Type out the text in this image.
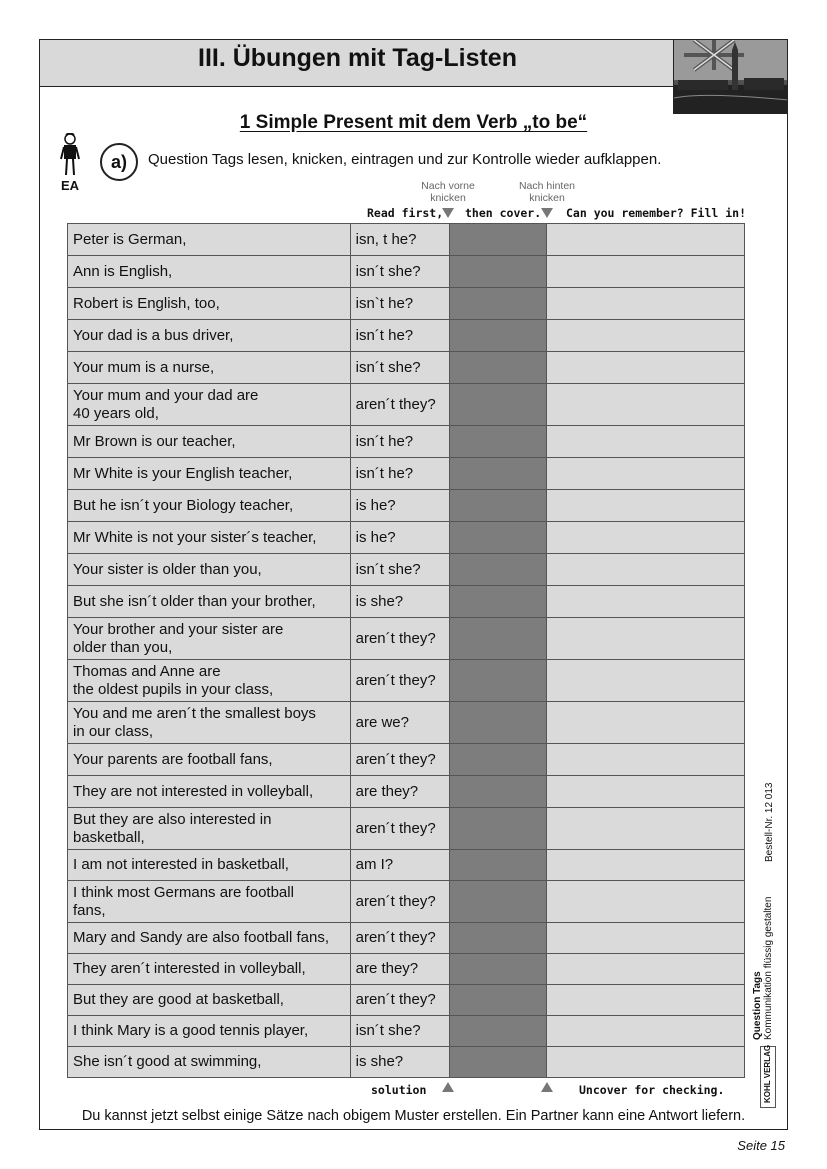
III. Übungen mit Tag-Listen
1 Simple Present mit dem Verb „to be“
EA
a)	Question Tags lesen, knicken, eintragen und zur Kontrolle wieder aufklappen.
Nach vorne
knicken
Nach hinten
knicken
Read first, then cover. Can you remember? Fill in!
Peter is German,	isn, t he?		
Ann is English,	isn´t she?		
Robert is English, too,	isn`t he?		
Your dad is a bus driver,	isn´t he?		
Your mum is a nurse,	isn´t she?		
Your mum and your dad are
40 years old,	aren´t they?		
Mr Brown is our teacher,	isn´t he?		
Mr White is your English teacher,	isn´t he?		
But he isn´t your Biology teacher,	is he?		
Mr White is not your sister´s teacher,	is he?		
Your sister is older than you,	isn´t she?		
But she isn´t older than your brother,	is she?		
Your brother and your sister are
older than you,	aren´t they?		
Thomas and Anne are
the oldest pupils in your class,	aren´t they?		
You and me aren´t the smallest boys
in our class,	are we?		
Your parents are football fans,	aren´t they?		
They are not interested in volleyball,	are they?		
But they are also interested in
basketball,	aren´t they?		
I am not interested in basketball,	am I?		
I think most Germans are football
fans,	aren´t they?		
Mary and Sandy are also football fans,	aren´t they?		
They aren´t interested in volleyball,	are they?		
But they are good at basketball,	aren´t they?		
I think Mary is a good tennis player,	isn´t she?		
She isn´t good at swimming,	is she?		
solution	Uncover for checking.
Du kannst jetzt selbst einige Sätze nach obigem Muster erstellen. Ein Partner kann eine Antwort liefern.
Question Tags Kommunikation flüssig gestalten
Bestell-Nr. 12 013
KOHL VERLAG
Seite 15
